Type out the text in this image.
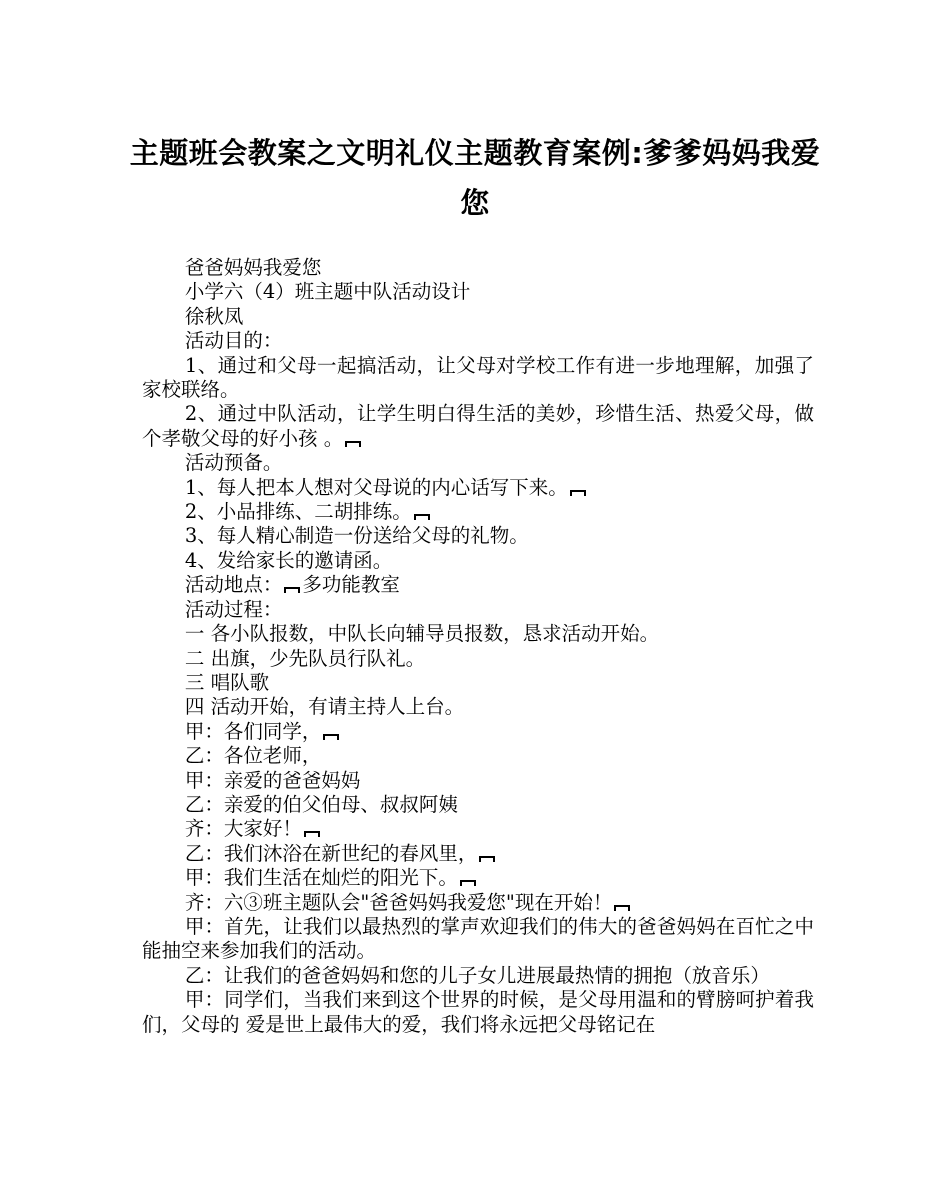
主题班会教案之文明礼仪主题教育案例:爹爹妈妈我爱您

爸爸妈妈我爱您

小学六（4）班主题中队活动设计

徐秋凤

活动目的：

1、通过和父母一起搞活动，让父母对学校工作有进一步地理解，加强了家校联络。

2、通过中队活动，让学生明白得生活的美妙，珍惜生活、热爱父母，做个孝敬父母的好小孩 。

活动预备。

1、每人把本人想对父母说的内心话写下来。

2、小品排练、二胡排练。

3、每人精心制造一份送给父母的礼物。

4、发给家长的邀请函。

活动地点： 多功能教室

活动过程：

一 各小队报数，中队长向辅导员报数，恳求活动开始。

二 出旗，少先队员行队礼。

三 唱队歌

四 活动开始，有请主持人上台。

甲：各们同学，

乙：各位老师，

甲：亲爱的爸爸妈妈

乙：亲爱的伯父伯母、叔叔阿姨

齐：大家好！

乙：我们沐浴在新世纪的春风里，

甲：我们生活在灿烂的阳光下。

齐：六③班主题队会"爸爸妈妈我爱您"现在开始！

甲：首先，让我们以最热烈的掌声欢迎我们的伟大的爸爸妈妈在百忙之中能抽空来参加我们的活动。

乙：让我们的爸爸妈妈和您的儿子女儿进展最热情的拥抱（放音乐）

甲：同学们，当我们来到这个世界的时候，是父母用温和的臂膀呵护着我们，父母的 爱是世上最伟大的爱，我们将永远把父母铭记在
